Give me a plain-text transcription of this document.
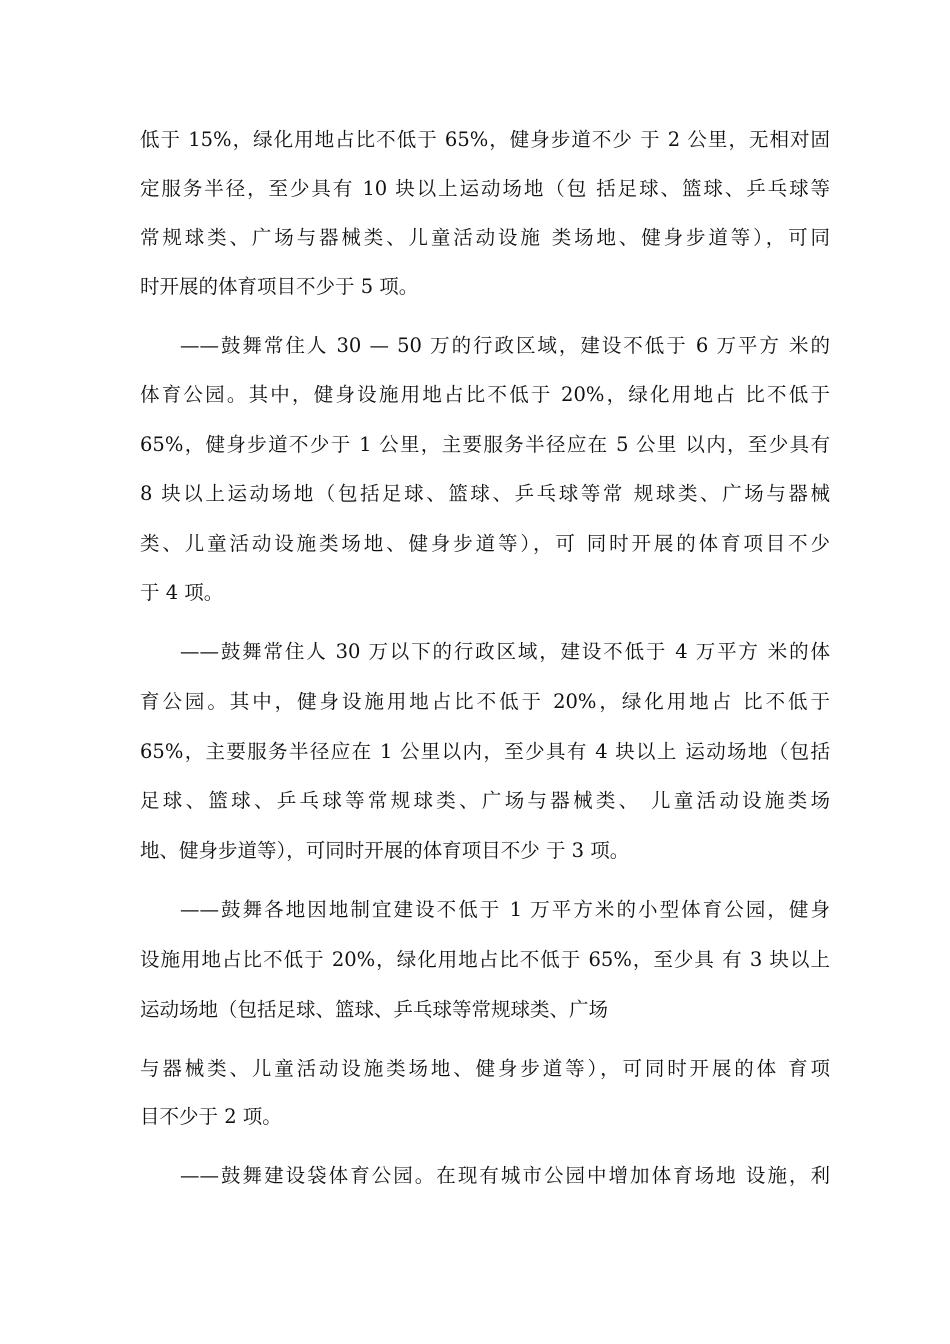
低于 15%，绿化用地占比不低于 65%，健身步道不少 于 2 公里，无相对固
定服务半径，至少具有 10 块以上运动场地（包 括足球、篮球、乒乓球等
常规球类、广场与器械类、儿童活动设施 类场地、健身步道等），可同
时开展的体育项目不少于 5 项。
——鼓舞常住人 30 — 50 万的行政区域，建设不低于 6 万平方 米的
体育公园。其中，健身设施用地占比不低于 20%，绿化用地占 比不低于
65%，健身步道不少于 1 公里，主要服务半径应在 5 公里 以内，至少具有
8 块以上运动场地（包括足球、篮球、乒乓球等常 规球类、广场与器械
类、儿童活动设施类场地、健身步道等），可 同时开展的体育项目不少
于 4 项。
——鼓舞常住人 30 万以下的行政区域，建设不低于 4 万平方 米的体
育公园。其中，健身设施用地占比不低于 20%，绿化用地占 比不低于
65%，主要服务半径应在 1 公里以内，至少具有 4 块以上 运动场地（包括
足球、篮球、乒乓球等常规球类、广场与器械类、 儿童活动设施类场
地、健身步道等），可同时开展的体育项目不少 于 3 项。
——鼓舞各地因地制宜建设不低于 1 万平方米的小型体育公园，健身
设施用地占比不低于 20%，绿化用地占比不低于 65%，至少具 有 3 块以上
运动场地（包括足球、篮球、乒乓球等常规球类、广场
与器械类、儿童活动设施类场地、健身步道等），可同时开展的体 育项
目不少于 2 项。
——鼓舞建设袋体育公园。在现有城市公园中增加体育场地 设施，利
